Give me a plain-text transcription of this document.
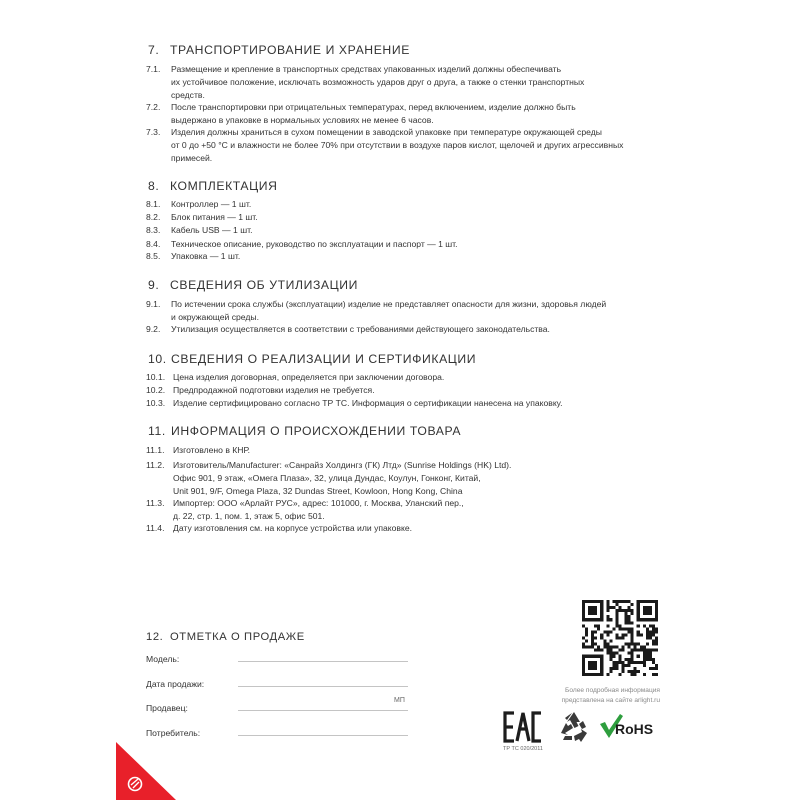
7. ТРАНСПОРТИРОВАНИЕ И ХРАНЕНИЕ
7.1. Размещение и крепление в транспортных средствах упакованных изделий должны обеспечивать
их устойчивое положение, исключать возможность ударов друг о друга, а также о стенки транспортных
средств.
7.2. После транспортировки при отрицательных температурах, перед включением, изделие должно быть
выдержано в упаковке в нормальных условиях не менее 6 часов.
7.3. Изделия должны храниться в сухом помещении в заводской упаковке при температуре окружающей среды
от 0 до +50 °C и влажности не более 70% при отсутствии в воздухе паров кислот, щелочей и других агрессивных
примесей.
8. КОМПЛЕКТАЦИЯ
8.1. Контроллер — 1 шт.
8.2. Блок питания — 1 шт.
8.3. Кабель USB — 1 шт.
8.4. Техническое описание, руководство по эксплуатации и паспорт — 1 шт.
8.5. Упаковка — 1 шт.
9. СВЕДЕНИЯ ОБ УТИЛИЗАЦИИ
9.1. По истечении срока службы (эксплуатации) изделие не представляет опасности для жизни, здоровья людей
и окружающей среды.
9.2. Утилизация осуществляется в соответствии с требованиями действующего законодательства.
10. СВЕДЕНИЯ О РЕАЛИЗАЦИИ И СЕРТИФИКАЦИИ
10.1. Цена изделия договорная, определяется при заключении договора.
10.2. Предпродажной подготовки изделия не требуется.
10.3. Изделие сертифицировано согласно ТР ТС. Информация о сертификации нанесена на упаковку.
11. ИНФОРМАЦИЯ О ПРОИСХОЖДЕНИИ ТОВАРА
11.1. Изготовлено в КНР.
11.2. Изготовитель/Manufacturer: «Санрайз Холдингз (ГК) Лтд» (Sunrise Holdings (HK) Ltd).
Офис 901, 9 этаж, «Омега Плаза», 32, улица Дундас, Коулун, Гонконг, Китай,
Unit 901, 9/F, Omega Plaza, 32 Dundas Street, Kowloon, Hong Kong, China
11.3. Импортер: ООО «Арлайт РУС», адрес: 101000, г. Москва, Уланский пер.,
д. 22, стр. 1, пом. 1, этаж 5, офис 501.
11.4. Дату изготовления см. на корпусе устройства или упаковке.
12. ОТМЕТКА О ПРОДАЖЕ
Модель:
Дата продажи:
Продавец:
МП
Потребитель:
Более подробная информация
представлена на сайте arlight.ru
ТР ТС 020/2011
RoHS
